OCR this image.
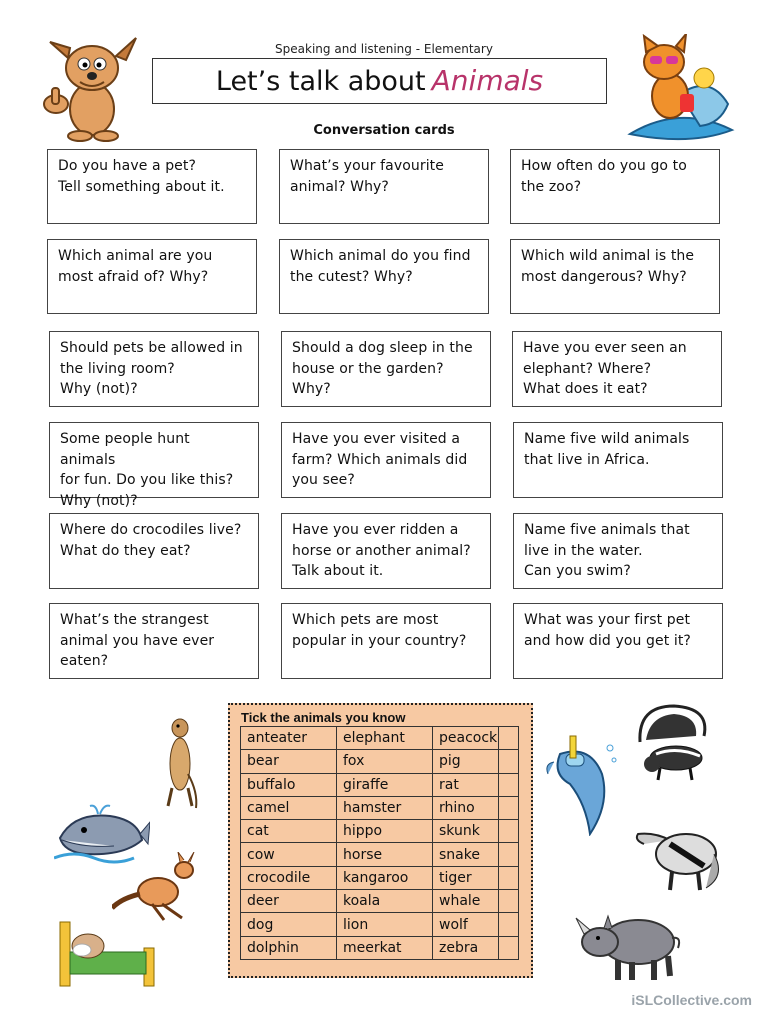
Speaking and listening - Elementary
Let’s talk about Animals
Conversation cards
Do you have a pet?
Tell something about it.
What’s your favourite
animal? Why?
How often do you go to
the zoo?
Which animal are you
most afraid of? Why?
Which animal do you find
the cutest? Why?
Which wild animal is the
most dangerous? Why?
Should pets be allowed in
the living room?
Why (not)?
Should a dog sleep in the
house or the garden?
Why?
Have you ever seen an
elephant? Where?
What does it eat?
Some people hunt animals
for fun. Do you like this?
Why (not)?
Have you ever visited a
farm? Which animals did
you see?
Name five wild animals
that live in Africa.
Where do crocodiles live?
What do they eat?
Have you ever ridden a
horse or another animal?
Talk about it.
Name five animals that
live in the water.
Can you swim?
What’s the strangest
animal you have ever
eaten?
Which pets are most
popular in your country?
What was your first pet
and how did you get it?
Tick the animals you know
anteater	elephant	peacock	
bear	fox	pig	
buffalo	giraffe	rat	
camel	hamster	rhino	
cat	hippo	skunk	
cow	horse	snake	
crocodile	kangaroo	tiger	
deer	koala	whale	
dog	lion	wolf	
dolphin	meerkat	zebra	
iSLCollective.com
